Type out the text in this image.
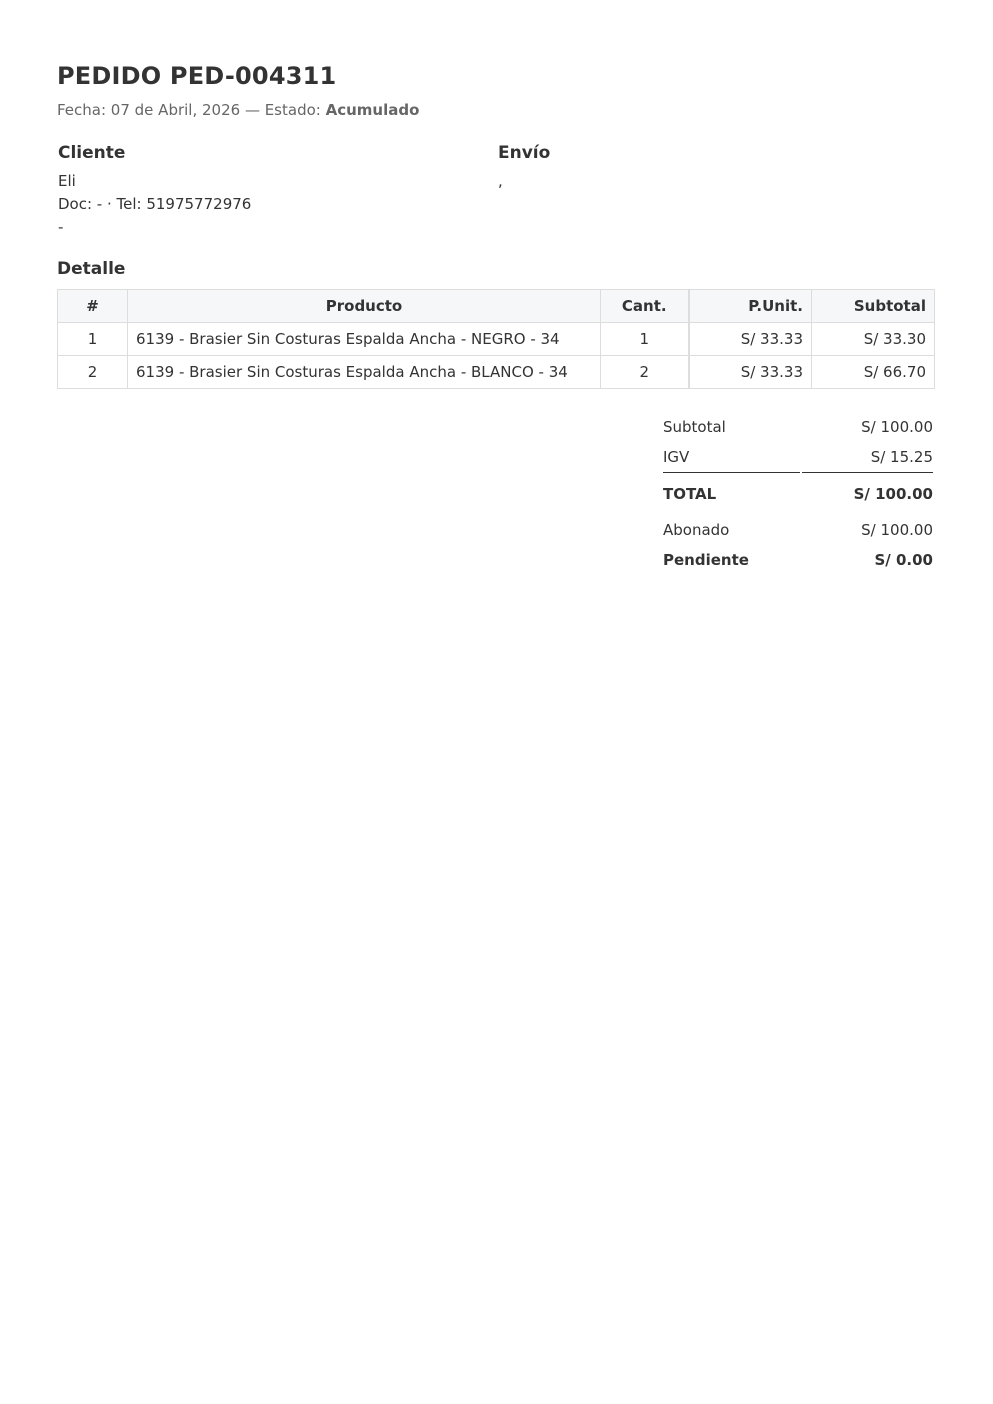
PEDIDO PED-004311
Fecha: 07 de Abril, 2026 — Estado: Acumulado
Cliente
Eli
Doc: - · Tel: 51975772976
-
Envío
,
Detalle
#	Producto	Cant.	P.Unit.	Subtotal
1	6139 - Brasier Sin Costuras Espalda Ancha - NEGRO - 34	1	S/ 33.33	S/ 33.30
2	6139 - Brasier Sin Costuras Espalda Ancha - BLANCO - 34	2	S/ 33.33	S/ 66.70
Subtotal	S/ 100.00
IGV	S/ 15.25
TOTAL	S/ 100.00
Abonado	S/ 100.00
Pendiente	S/ 0.00
